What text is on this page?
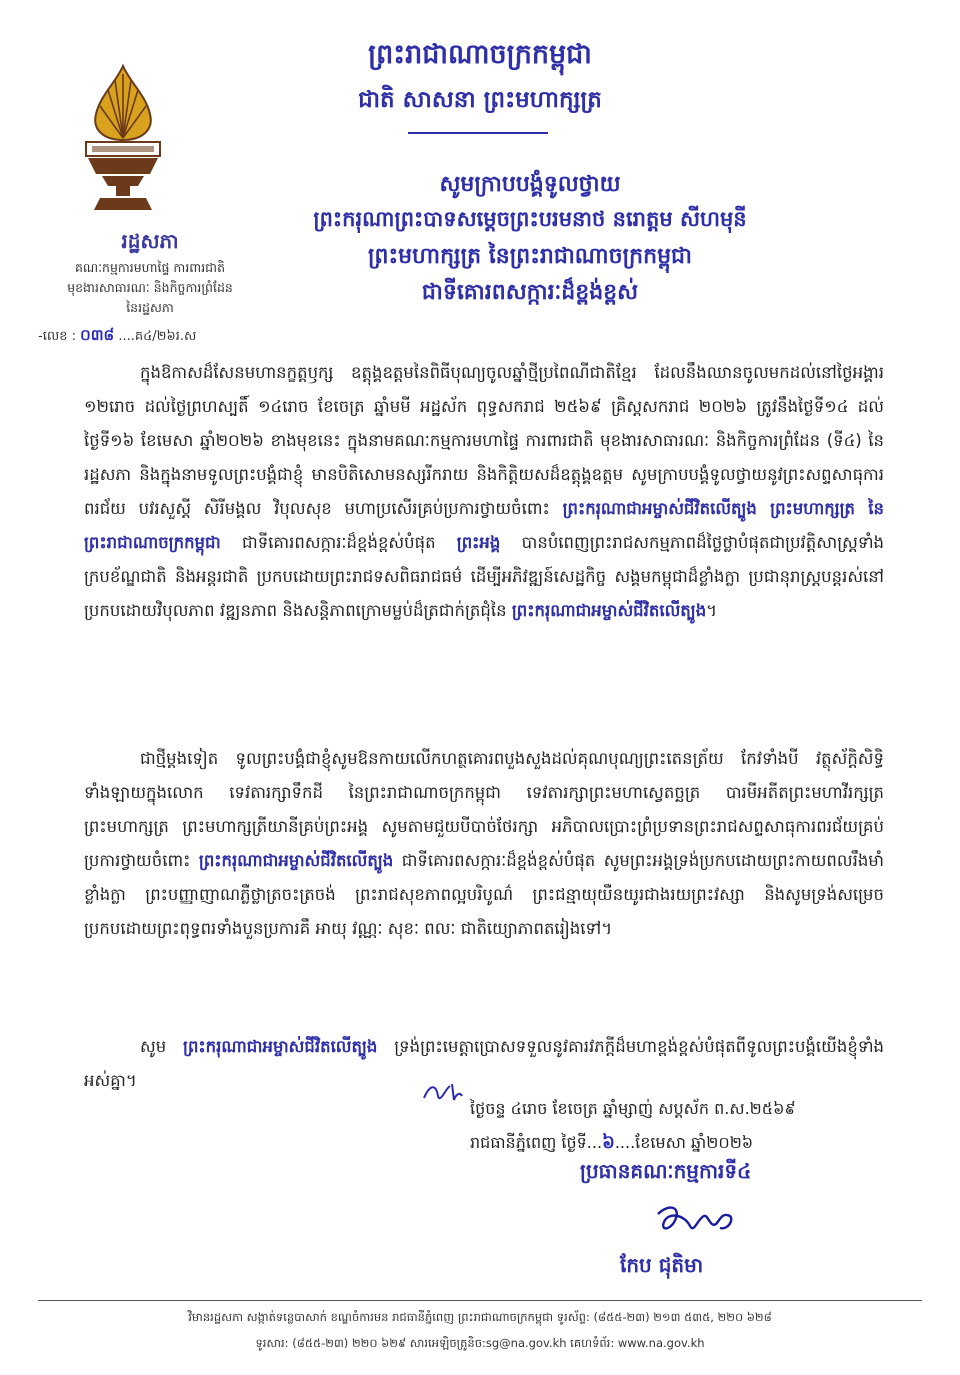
រដ្ឋសភា
គណៈកម្មការមហាផ្ទៃ ការពារជាតិ
មុខងារសាធារណៈ និងកិច្ចការព្រំដែន
នៃរដ្ឋសភា
-លេខ : ០៣៨ ....គ៤/២៦រ.ស
ព្រះរាជាណាចក្រកម្ពុជា
ជាតិ សាសនា ព្រះមហាក្សត្រ
សូមក្រាបបង្គំទូលថ្វាយ
ព្រះករុណាព្រះបាទសម្តេចព្រះបរមនាថ នរោត្តម សីហមុនី
ព្រះមហាក្សត្រ នៃព្រះរាជាណាចក្រកម្ពុជា
ជាទីគោរពសក្ការៈដ៏ខ្ពង់ខ្ពស់
ក្នុងឱកាសដ៏សែនមហានក្ខត្តឫក្ស ឧត្តុង្គឧត្តមនៃពិធីបុណ្យចូលឆ្នាំថ្មីប្រពៃណីជាតិខ្មែរ ដែលនឹងឈានចូលមកដល់នៅថ្ងៃអង្គារ ១២រោច ដល់ថ្ងៃព្រហស្បតិ៍ ១៤រោច ខែចេត្រ ឆ្នាំមមី អដ្ឋស័ក ពុទ្ធសករាជ ២៥៦៩ គ្រិស្តសករាជ ២០២៦ ត្រូវនឹងថ្ងៃទី១៤ ដល់ថ្ងៃទី១៦ ខែមេសា ឆ្នាំ២០២៦ ខាងមុខនេះ ក្នុងនាមគណៈកម្មការមហាផ្ទៃ ការពារជាតិ មុខងារសាធារណៈ និងកិច្ចការព្រំដែន (ទី៤) នៃរដ្ឋសភា និងក្នុងនាមទូលព្រះបង្គំជាខ្ញុំ មានបិតិសោមនស្សរីករាយ និងកិត្តិយសដ៏ឧត្តុង្គឧត្តម សូមក្រាបបង្គំទូលថ្វាយនូវព្រះសព្ទសាធុការពរជ័យ បវរសួស្តី សិរីមង្គល វិបុលសុខ មហាប្រសើរគ្រប់ប្រការថ្វាយចំពោះ ព្រះករុណាជាអម្ចាស់ជីវិតលើត្បូង ព្រះមហាក្សត្រ នៃព្រះរាជាណាចក្រកម្ពុជា ជាទីគោរពសក្ការៈដ៏ខ្ពង់ខ្ពស់បំផុត ព្រះអង្គ បានបំពេញព្រះរាជសកម្មភាពដ៏ថ្លៃថ្លាបំផុតជាប្រវត្តិសាស្ត្រទាំងក្របខ័ណ្ឌជាតិ និងអន្តរជាតិ ប្រកបដោយព្រះរាជទសពិធរាជធម៌ ដើម្បីអភិវឌ្ឍន៍សេដ្ឋកិច្ច សង្គមកម្ពុជាដ៏ខ្លាំងក្លា ប្រជានុរាស្ត្របន្តរស់នៅប្រកបដោយវិបុលភាព វឌ្ឍនភាព និងសន្តិភាពក្រោមម្លប់ដ៏ត្រជាក់ត្រជុំនៃ ព្រះករុណាជាអម្ចាស់ជីវិតលើត្បូង។
ជាថ្មីម្តងទៀត ទូលព្រះបង្គំជាខ្ញុំសូមឱនកាយលើកហត្ថគោរពបួងសួងដល់គុណបុណ្យព្រះតេនត្រ័យ កែវទាំងបី វត្ថុស័ក្តិសិទ្ធិទាំងឡាយក្នុងលោក ទេវតារក្សាទឹកដី នៃព្រះរាជាណាចក្រកម្ពុជា ទេវតារក្សាព្រះមហាស្វេតច្ឆត្រ បារមីអតីតព្រះមហាវីរក្សត្រ ព្រះមហាក្សត្រ ព្រះមហាក្សត្រីយានីគ្រប់ព្រះអង្គ សូមតាមជួយបីបាច់ថែរក្សា អភិបាលប្រោះព្រំប្រទានព្រះរាជសព្ទសាធុការពរជ័យគ្រប់ប្រការថ្វាយចំពោះ ព្រះករុណាជាអម្ចាស់ជីវិតលើត្បូង ជាទីគោរពសក្ការៈដ៏ខ្ពង់ខ្ពស់បំផុត សូមព្រះអង្គទ្រង់ប្រកបដោយព្រះកាយពលរឹងមាំខ្លាំងក្លា ព្រះបញ្ញាញាណភ្លឺថ្លាត្រចះត្រចង់ ព្រះរាជសុខភាពល្អបរិបូណ៌ ព្រះជន្មាយុយឺនយូរជាងរយព្រះវស្សា និងសូមទ្រង់សម្រេចប្រកបដោយព្រះពុទ្ធពរទាំងបួនប្រការគឺ អាយុ វណ្ណៈ សុខៈ ពលៈ ជាតិយ្យោភាពតរៀងទៅ។
សូម ព្រះករុណាជាអម្ចាស់ជីវិតលើត្បូង ទ្រង់ព្រះមេត្តាប្រោសទទួលនូវគារវភក្តីដ៏មហាខ្ពង់ខ្ពស់បំផុតពីទូលព្រះបង្គំយើងខ្ញុំទាំងអស់គ្នា។
ថ្ងៃចន្ទ ៤រោច ខែចេត្រ ឆ្នាំម្សាញ់ សប្តស័ក ព.ស.២៥៦៩
រាជធានីភ្នំពេញ ថ្ងៃទី...៦....ខែមេសា ឆ្នាំ២០២៦
ប្រធានគណៈកម្មការទី៤
កែប ជុតិមា
វិមានរដ្ឋសភា សង្កាត់ទន្លេបាសាក់ ខណ្ឌចំការមន រាជធានីភ្នំពេញ ព្រះរាជាណាចក្រកម្ពុជា ទូរស័ព្ទ: (៨៥៥-២៣) ២១៣ ៥៣៥, ២២០ ៦២៨
ទូរសារ: (៨៥៥-២៣) ២២០ ៦២៩ សារអេឡិចត្រូនិច:sg@na.gov.kh គេហទំព័រ: www.na.gov.kh
